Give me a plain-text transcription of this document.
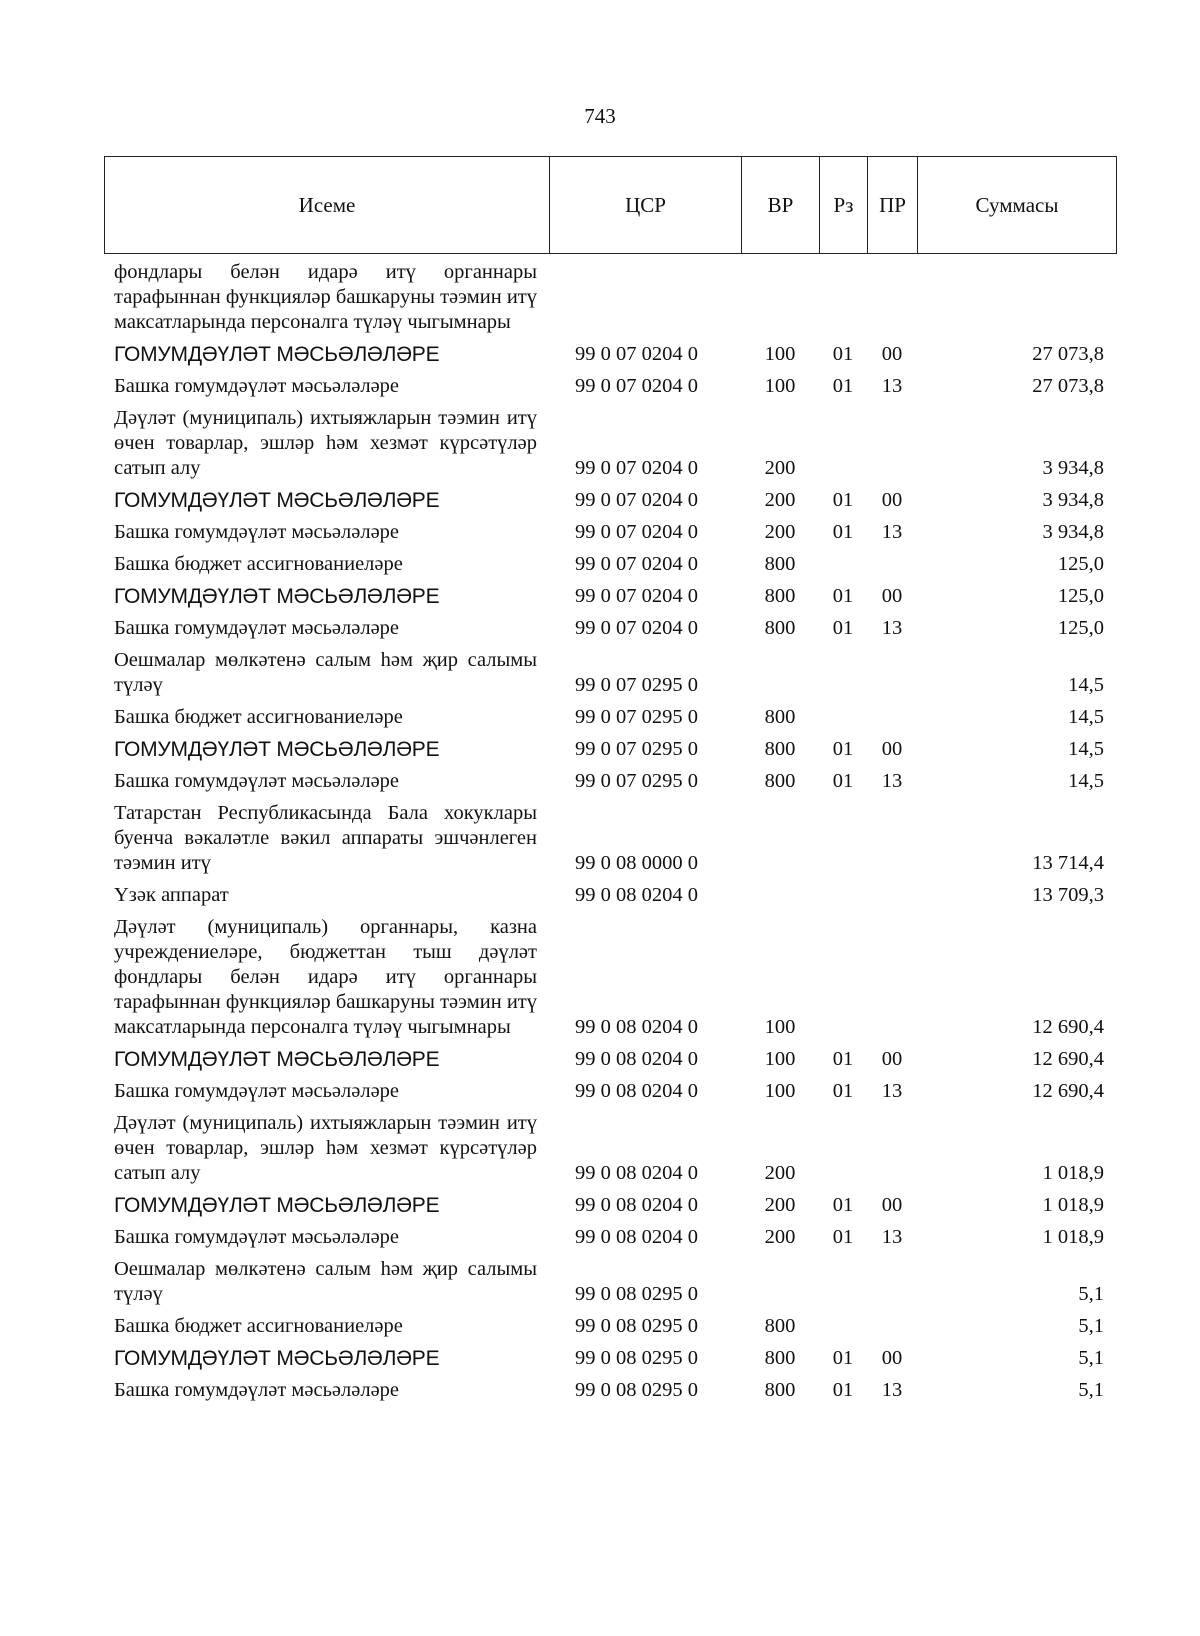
743
Исеме	ЦСР	ВР	Рз	ПР	Суммасы
фондлары белән идарә итү органнары тарафыннан функцияләр башкаруны тәэмин итү максатларында персоналга түләү чыгымнары					
ГОМУМДӘҮЛӘТ МӘСЬӘЛӘЛӘРЕ	99 0 07 0204 0	100	01	00	27 073,8
Башка гомумдәүләт мәсьәләләре	99 0 07 0204 0	100	01	13	27 073,8
Дәүләт (муниципаль) ихтыяжларын тәэмин итү өчен товарлар, эшләр һәм хезмәт күрсәтүләр сатып алу	99 0 07 0204 0	200			3 934,8
ГОМУМДӘҮЛӘТ МӘСЬӘЛӘЛӘРЕ	99 0 07 0204 0	200	01	00	3 934,8
Башка гомумдәүләт мәсьәләләре	99 0 07 0204 0	200	01	13	3 934,8
Башка бюджет ассигнованиеләре	99 0 07 0204 0	800			125,0
ГОМУМДӘҮЛӘТ МӘСЬӘЛӘЛӘРЕ	99 0 07 0204 0	800	01	00	125,0
Башка гомумдәүләт мәсьәләләре	99 0 07 0204 0	800	01	13	125,0
Оешмалар мөлкәтенә салым һәм җир салымы түләү	99 0 07 0295 0				14,5
Башка бюджет ассигнованиеләре	99 0 07 0295 0	800			14,5
ГОМУМДӘҮЛӘТ МӘСЬӘЛӘЛӘРЕ	99 0 07 0295 0	800	01	00	14,5
Башка гомумдәүләт мәсьәләләре	99 0 07 0295 0	800	01	13	14,5
Татарстан Республикасында Бала хокуклары буенча вәкаләтле вәкил аппараты эшчәнлеген тәэмин итү	99 0 08 0000 0				13 714,4
Үзәк аппарат	99 0 08 0204 0				13 709,3
Дәүләт (муниципаль) органнары, казна учреждениеләре, бюджеттан тыш дәүләт фондлары белән идарә итү органнары тарафыннан функцияләр башкаруны тәэмин итү максатларында персоналга түләү чыгымнары	99 0 08 0204 0	100			12 690,4
ГОМУМДӘҮЛӘТ МӘСЬӘЛӘЛӘРЕ	99 0 08 0204 0	100	01	00	12 690,4
Башка гомумдәүләт мәсьәләләре	99 0 08 0204 0	100	01	13	12 690,4
Дәүләт (муниципаль) ихтыяжларын тәэмин итү өчен товарлар, эшләр һәм хезмәт күрсәтүләр сатып алу	99 0 08 0204 0	200			1 018,9
ГОМУМДӘҮЛӘТ МӘСЬӘЛӘЛӘРЕ	99 0 08 0204 0	200	01	00	1 018,9
Башка гомумдәүләт мәсьәләләре	99 0 08 0204 0	200	01	13	1 018,9
Оешмалар мөлкәтенә салым һәм җир салымы түләү	99 0 08 0295 0				5,1
Башка бюджет ассигнованиеләре	99 0 08 0295 0	800			5,1
ГОМУМДӘҮЛӘТ МӘСЬӘЛӘЛӘРЕ	99 0 08 0295 0	800	01	00	5,1
Башка гомумдәүләт мәсьәләләре	99 0 08 0295 0	800	01	13	5,1
